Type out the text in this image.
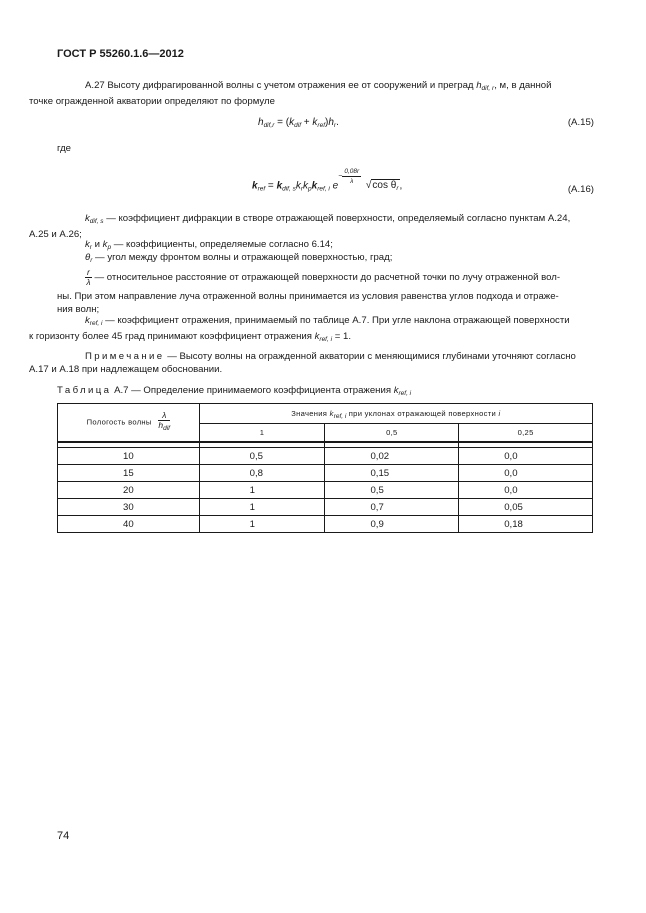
ГОСТ Р 55260.1.6—2012
А.27 Высоту дифрагированной волны с учетом отражения ее от сооружений и преград $h_{dif, r}$, м, в данной
точке огражденной акватории определяют по формуле
$h_{dif,r} = (k_{dif} + k_{ref})h_r$.	(А.15)
где
$k_{ref} = k_{dif, s}k_rk_pk_{ref, i}$ $e^{- \frac{0,08r}{\lambda}}$ √cos $\theta_r$,	(А.16)
$k_{dif, s}$ — коэффициент дифракции в створе отражающей поверхности, определяемый согласно пунктам А.24,
А.25 и А.26;
$k_r$ и $k_p$ — коэффициенты, определяемые согласно 6.14;
$\theta_r$ — угол между фронтом волны и отражающей поверхностью, град;
$\frac{r}{\lambda}$ — относительное расстояние от отражающей поверхности до расчетной точки по лучу отраженной вол-
ны. При этом направление луча отраженной волны принимается из условия равенства углов подхода и отраже-
ния волн;
$k_{ref, i}$ — коэффициент отражения, принимаемый по таблице А.7. При угле наклона отражающей поверхности
к горизонту более 45 град принимают коэффициент отражения $k_{ref, i} = 1$.
Примечание — Высоту волны на огражденной акватории с меняющимися глубинами уточняют согласно
А.17 и А.18 при надлежащем обосновании.
Таблица А.7 — Определение принимаемого коэффициента отражения $k_{ref, i}$
Пологость волны $\frac{\lambda}{h_{dif}}$	Значения $k_{ref, i}$ при уклонах отражающей поверхности i		
	1	0,5	0,25

10	0,5	0,02	0,0
15	0,8	0,15	0,0
20	1	0,5	0,0
30	1	0,7	0,05
40	1	0,9	0,18
74
